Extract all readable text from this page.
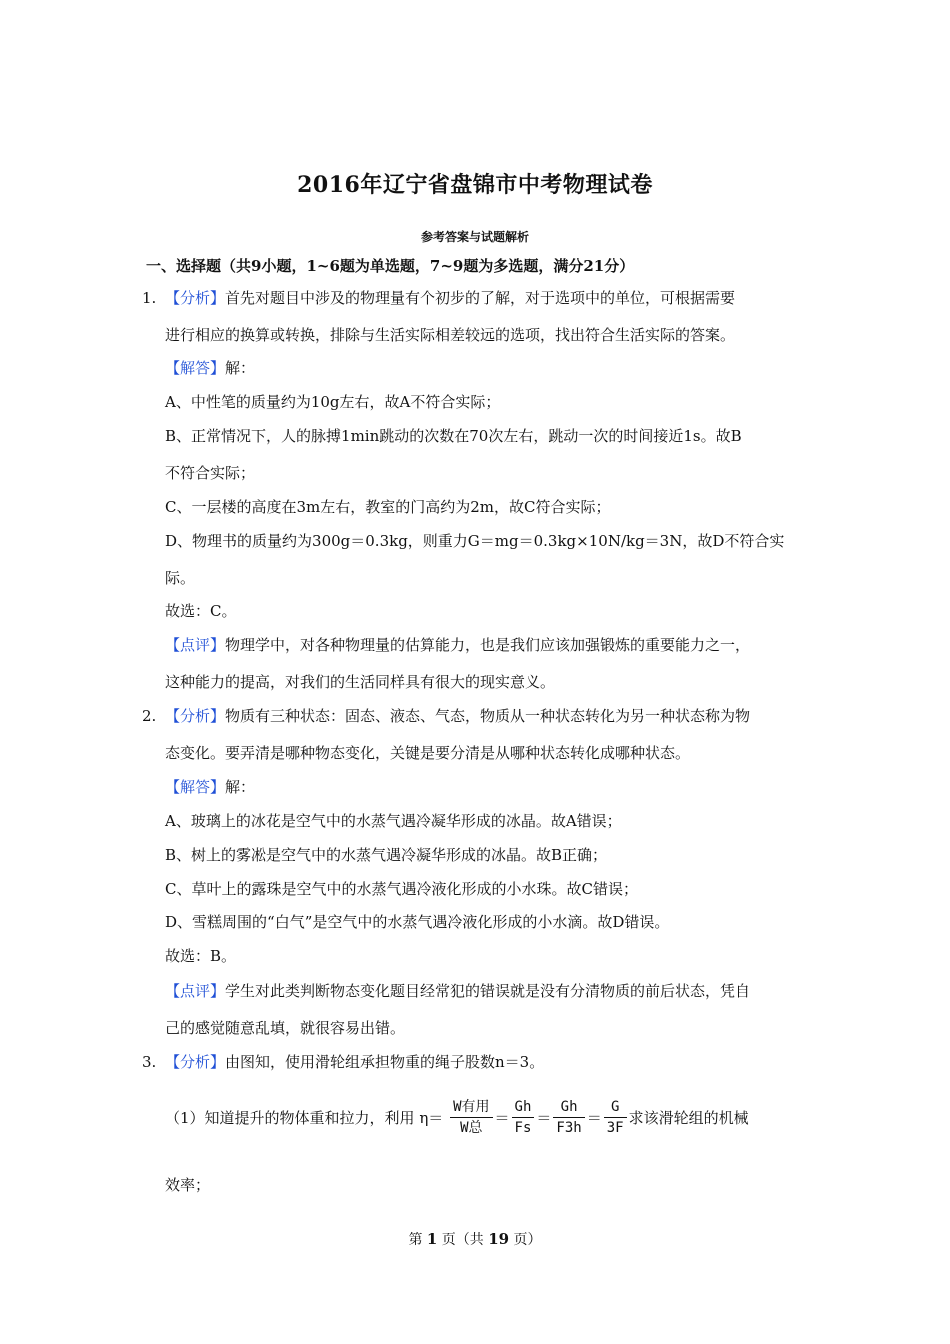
2016年辽宁省盘锦市中考物理试卷
参考答案与试题解析
一、选择题（共9小题，1~6题为单选题，7~9题为多选题，满分21分）
1. 【分析】首先对题目中涉及的物理量有个初步的了解，对于选项中的单位，可根据需要
进行相应的换算或转换，排除与生活实际相差较远的选项，找出符合生活实际的答案。
【解答】解：
A、中性笔的质量约为10g左右，故A不符合实际；
B、正常情况下，人的脉搏1min跳动的次数在70次左右，跳动一次的时间接近1s。故B
不符合实际；
C、一层楼的高度在3m左右，教室的门高约为2m，故C符合实际；
D、物理书的质量约为300g＝0.3kg，则重力G＝mg＝0.3kg×10N/kg＝3N，故D不符合实
际。
故选：C。
【点评】物理学中，对各种物理量的估算能力，也是我们应该加强锻炼的重要能力之一，
这种能力的提高，对我们的生活同样具有很大的现实意义。
2. 【分析】物质有三种状态：固态、液态、气态，物质从一种状态转化为另一种状态称为物
态变化。要弄清是哪种物态变化，关键是要分清是从哪种状态转化成哪种状态。
【解答】解：
A、玻璃上的冰花是空气中的水蒸气遇冷凝华形成的冰晶。故A错误；
B、树上的雾凇是空气中的水蒸气遇冷凝华形成的冰晶。故B正确；
C、草叶上的露珠是空气中的水蒸气遇冷液化形成的小水珠。故C错误；
D、雪糕周围的“白气”是空气中的水蒸气遇冷液化形成的小水滴。故D错误。
故选：B。
【点评】学生对此类判断物态变化题目经常犯的错误就是没有分清物质的前后状态，凭自
己的感觉随意乱填，就很容易出错。
3. 【分析】由图知，使用滑轮组承担物重的绳子股数n＝3。
（1）知道提升的物体重和拉力，利用 $\eta= \frac{\text{W有用}}{\text{W总}} = \frac{Gh}{Fs} = \frac{Gh}{F3h} = \frac{G}{3F}$ 求该滑轮组的机械
效率；
第 1 页（共 19 页）
